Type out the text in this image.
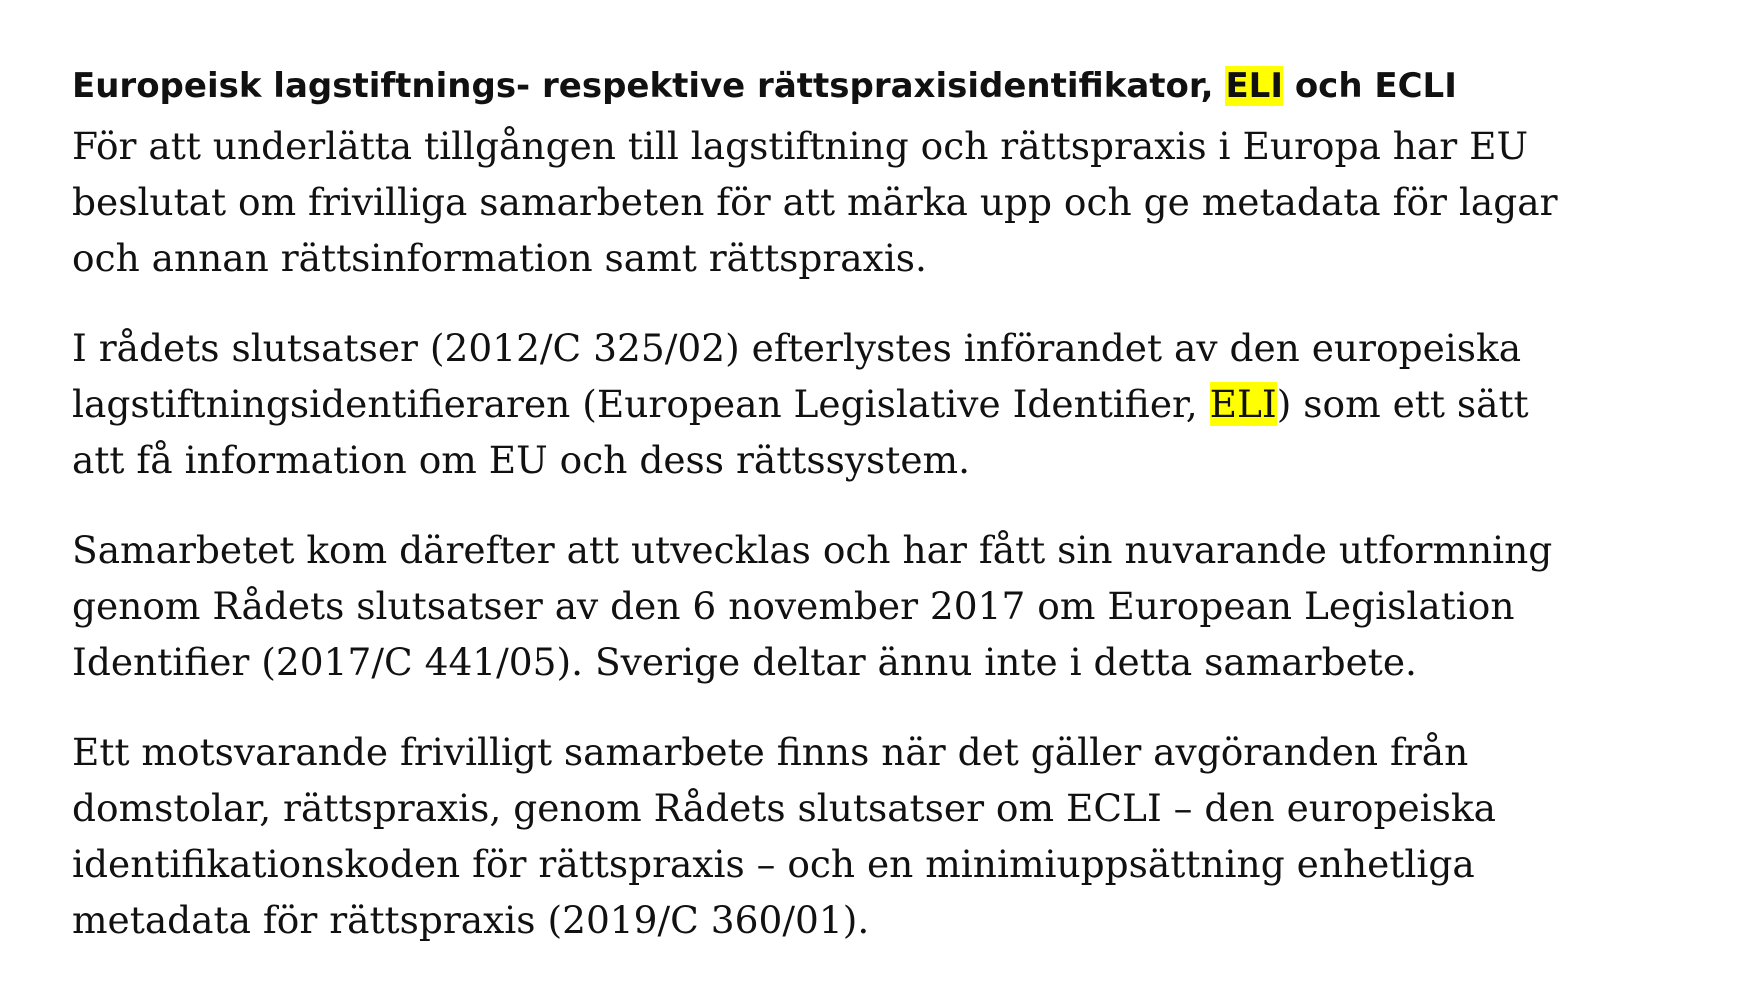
Europeisk lagstiftnings- respektive rättspraxisidentifikator, ELI och ECLI

För att underlätta tillgången till lagstiftning och rättspraxis i Europa har EU
beslutat om frivilliga samarbeten för att märka upp och ge metadata för lagar
och annan rättsinformation samt rättspraxis.

I rådets slutsatser (2012/C 325/02) efterlystes införandet av den europeiska
lagstiftningsidentifieraren (European Legislative Identifier, ELI) som ett sätt
att få information om EU och dess rättssystem.

Samarbetet kom därefter att utvecklas och har fått sin nuvarande utformning
genom Rådets slutsatser av den 6 november 2017 om European Legislation
Identifier (2017/C 441/05). Sverige deltar ännu inte i detta samarbete.

Ett motsvarande frivilligt samarbete finns när det gäller avgöranden från
domstolar, rättspraxis, genom Rådets slutsatser om ECLI – den europeiska
identifikationskoden för rättspraxis – och en minimiuppsättning enhetliga
metadata för rättspraxis (2019/C 360/01).
